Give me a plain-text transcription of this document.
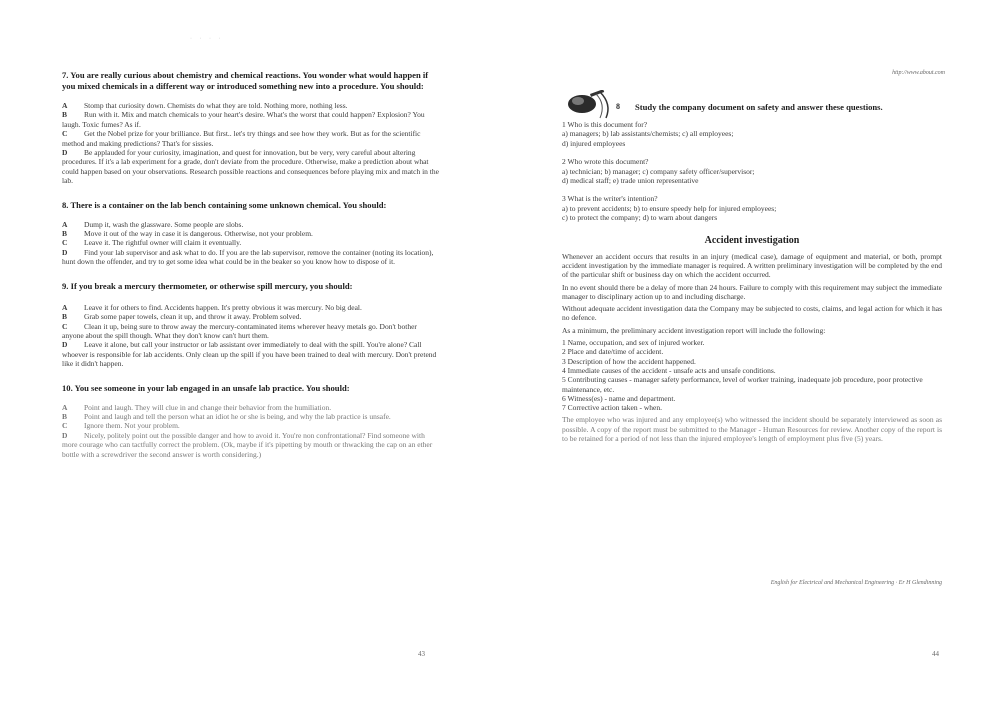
· · · ·

7. You are really curious about chemistry and chemical reactions. You wonder what would happen if you mixed chemicals in a different way or introduced something new into a procedure. You should:

A Stomp that curiosity down. Chemists do what they are told. Nothing more, nothing less.

B Run with it. Mix and match chemicals to your heart's desire. What's the worst that could happen? Explosion? You laugh. Toxic fumes? As if.

C Get the Nobel prize for your brilliance. But first.. let's try things and see how they work. But as for the scientific method and making predictions? That's for sissies.

D Be applauded for your curiosity, imagination, and quest for innovation, but be very, very careful about altering procedures. If it's a lab experiment for a grade, don't deviate from the procedure. Otherwise, make a prediction about what could happen based on your observations. Research possible reactions and consequences before playing mix and match in the lab.

8. There is a container on the lab bench containing some unknown chemical. You should:

A Dump it, wash the glassware. Some people are slobs.

B Move it out of the way in case it is dangerous. Otherwise, not your problem.

C Leave it. The rightful owner will claim it eventually.

D Find your lab supervisor and ask what to do. If you are the lab supervisor, remove the container (noting its location), hunt down the offender, and try to get some idea what could be in the beaker so you know how to dispose of it.

9. If you break a mercury thermometer, or otherwise spill mercury, you should:

A Leave it for others to find. Accidents happen. It's pretty obvious it was mercury. No big deal.

B Grab some paper towels, clean it up, and throw it away. Problem solved.

C Clean it up, being sure to throw away the mercury-contaminated items wherever heavy metals go. Don't bother anyone about the spill though. What they don't know can't hurt them.

D Leave it alone, but call your instructor or lab assistant over immediately to deal with the spill. You're alone? Call whoever is responsible for lab accidents. Only clean up the spill if you have been trained to deal with mercury. Don't pretend like it didn't happen.

10. You see someone in your lab engaged in an unsafe lab practice. You should:

A Point and laugh. They will clue in and change their behavior from the humiliation.

B Point and laugh and tell the person what an idiot he or she is being, and why the lab practice is unsafe.

C Ignore them. Not your problem.

D Nicely, politely point out the possible danger and how to avoid it. You're non confrontational? Find someone with more courage who can tactfully correct the problem. (Ok, maybe if it's pipetting by mouth or thwacking the cap on an ether bottle with a screwdriver the second answer is worth considering.)

43
http://www.about.com
8 Study the company document on safety and answer these questions.

1 Who is this document for?

a) managers; b) lab assistants/chemists; c) all employees;

d) injured employees

2 Who wrote this document?

a) technician; b) manager; c) company safety officer/supervisor;

d) medical staff; e) trade union representative

3 What is the writer's intention?

a) to prevent accidents; b) to ensure speedy help for injured employees;

c) to protect the company; d) to warn about dangers

Accident investigation

Whenever an accident occurs that results in an injury (medical case), damage of equipment and material, or both, prompt accident investigation by the immediate manager is required. A written preliminary investigation will be completed by the end of the particular shift or business day on which the accident occurred.

In no event should there be a delay of more than 24 hours. Failure to comply with this requirement may subject the immediate manager to disciplinary action up to and including discharge.

Without adequate accident investigation data the Company may be subjected to costs, claims, and legal action for which it has no defence.

As a minimum, the preliminary accident investigation report will include the following:

1 Name, occupation, and sex of injured worker.
2 Place and date/time of accident.
3 Description of how the accident happened.
4 Immediate causes of the accident - unsafe acts and unsafe conditions.
5 Contributing causes - manager safety performance, level of worker training, inadequate job procedure, poor protective maintenance, etc.
6 Witness(es) - name and department.
7 Corrective action taken - when.

The employee who was injured and any employee(s) who witnessed the incident should be separately interviewed as soon as possible. A copy of the report must be submitted to the Manager - Human Resources for review. Another copy of the report is to be retained for a period of not less than the injured employee's length of employment plus five (5) years.

English for Electrical and Mechanical Engineering · Er H Glendinning
44
